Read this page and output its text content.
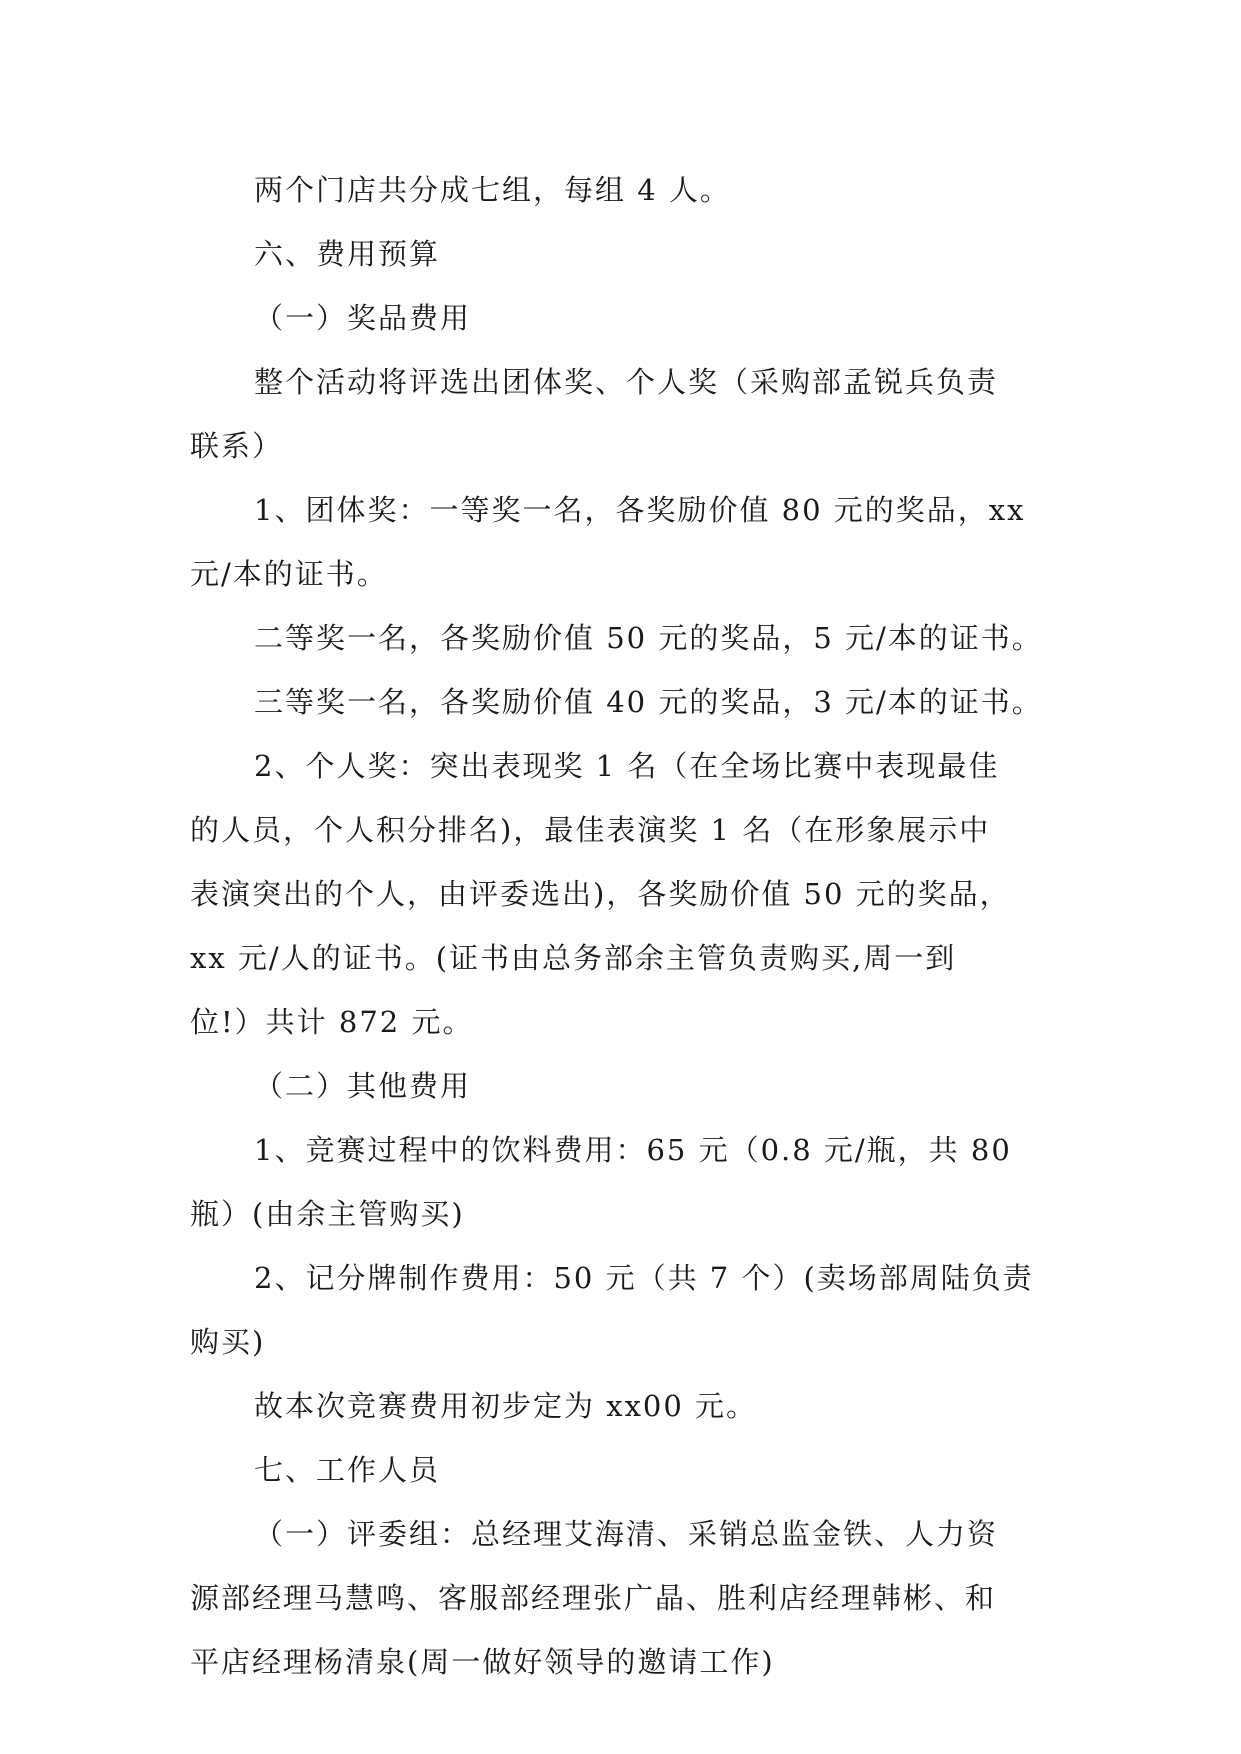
两个门店共分成七组，每组 4 人。
六、费用预算
（一）奖品费用
整个活动将评选出团体奖、个人奖（采购部孟锐兵负责
联系）
1、团体奖：一等奖一名，各奖励价值 80 元的奖品，xx
元/本的证书。
二等奖一名，各奖励价值 50 元的奖品，5 元/本的证书。
三等奖一名，各奖励价值 40 元的奖品，3 元/本的证书。
2、个人奖：突出表现奖 1 名（在全场比赛中表现最佳
的人员，个人积分排名)，最佳表演奖 1 名（在形象展示中
表演突出的个人，由评委选出)，各奖励价值 50 元的奖品，
xx 元/人的证书。(证书由总务部余主管负责购买,周一到
位!）共计 872 元。
（二）其他费用
1、竞赛过程中的饮料费用：65 元（0.8 元/瓶，共 80
瓶）(由余主管购买)
2、记分牌制作费用：50 元（共 7 个）(卖场部周陆负责
购买)
故本次竞赛费用初步定为 xx00 元。
七、工作人员
（一）评委组：总经理艾海清、采销总监金铁、人力资
源部经理马慧鸣、客服部经理张广晶、胜利店经理韩彬、和
平店经理杨清泉(周一做好领导的邀请工作)
